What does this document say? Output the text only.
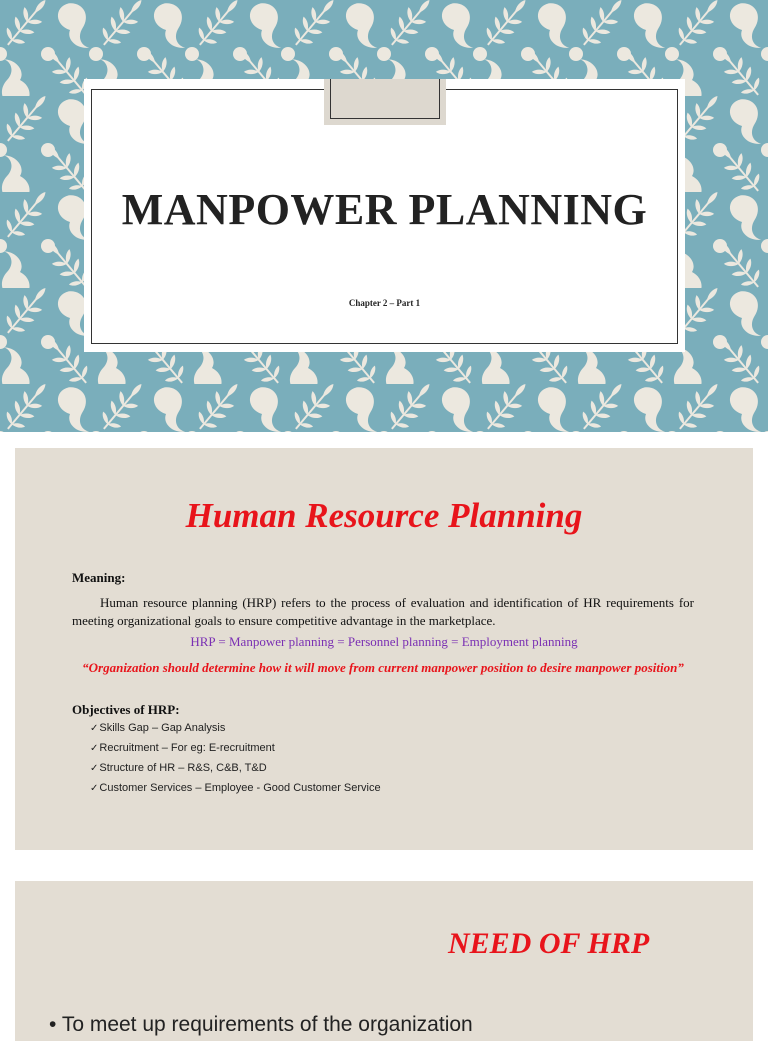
MANPOWER PLANNING
Chapter 2 – Part 1
Human Resource Planning
Meaning:
Human resource planning (HRP) refers to the process of evaluation and identification of HR requirements for meeting organizational goals to ensure competitive advantage in the marketplace.
HRP = Manpower planning = Personnel planning = Employment planning
“Organization should determine how it will move from current manpower position to desire manpower position”
Objectives of HRP:
✓Skills Gap – Gap Analysis
✓Recruitment – For eg: E-recruitment
✓Structure of HR – R&S, C&B, T&D
✓Customer Services – Employee - Good Customer Service
NEED OF HRP
• To meet up requirements of the organization
